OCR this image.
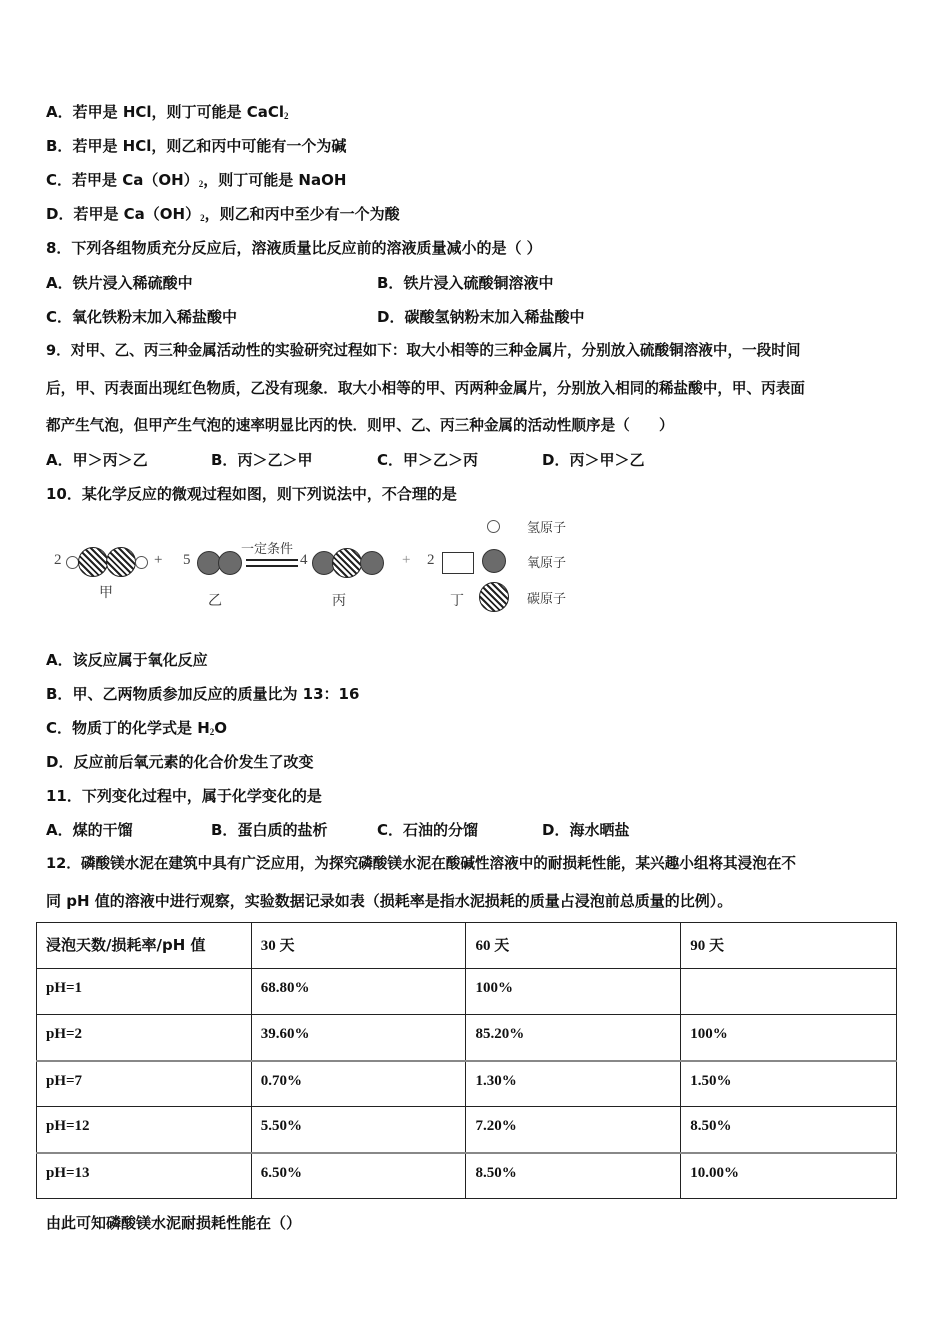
A．若甲是 HCl，则丁可能是 CaCl$_2$
B．若甲是 HCl，则乙和丙中可能有一个为碱
C．若甲是 $Ca(OH)_2$，则丁可能是 NaOH
D．若甲是 $Ca(OH)_2$，则乙和丙中至少有一个为酸
8．下列各组物质充分反应后，溶液质量比反应前的溶液质量减小的是（ ）
A．铁片浸入稀硫酸中	B．铁片浸入硫酸铜溶液中
C．氧化铁粉末加入稀盐酸中	D．碳酸氢钠粉末加入稀盐酸中
9．对甲、乙、丙三种金属活动性的实验研究过程如下：取大小相等的三种金属片，分别放入硫酸铜溶液中，一段时间
后，甲、丙表面出现红色物质，乙没有现象．取大小相等的甲、丙两种金属片，分别放入相同的稀盐酸中，甲、丙表面
都产生气泡，但甲产生气泡的速率明显比丙的快．则甲、乙、丙三种金属的活动性顺序是（　　）
A．甲＞丙＞乙	B．丙＞乙＞甲	C．甲＞乙＞丙	D．丙＞甲＞乙
10．某化学反应的微观过程如图，则下列说法中，不合理的是
2	+
甲
5
乙
一定条件
4
丙
+ 2
丁
氢原子
氧原子
碳原子
A．该反应属于氧化反应
B．甲、乙两物质参加反应的质量比为 13：16
C．物质丁的化学式是 $H_2O$
D．反应前后氧元素的化合价发生了改变
11．下列变化过程中，属于化学变化的是
A．煤的干馏	B．蛋白质的盐析	C．石油的分馏	D．海水晒盐
12．磷酸镁水泥在建筑中具有广泛应用，为探究磷酸镁水泥在酸碱性溶液中的耐损耗性能，某兴趣小组将其浸泡在不
同 pH 值的溶液中进行观察，实验数据记录如表（损耗率是指水泥损耗的质量占浸泡前总质量的比例）。
浸泡天数/损耗率/pH 值	30 天	60 天	90 天
pH=1	68.80%	100%	
pH=2	39.60%	85.20%	100%
pH=7	0.70%	1.30%	1.50%
pH=12	5.50%	7.20%	8.50%
pH=13	6.50%	8.50%	10.00%
由此可知磷酸镁水泥耐损耗性能在（）
